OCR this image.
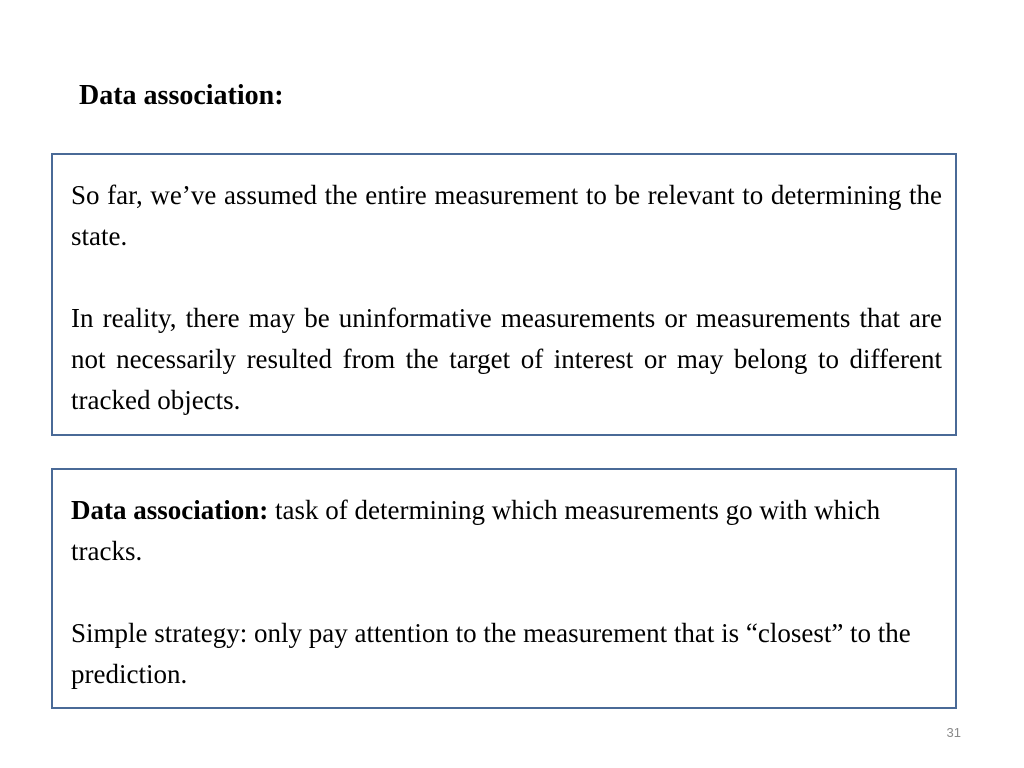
Data association:

So far, we’ve assumed the entire measurement to be relevant to determining the state.

In reality, there may be uninformative measurements or measurements that are not necessarily resulted from the target of interest or may belong to different tracked objects.

Data association: task of determining which measurements go with which tracks.

Simple strategy: only pay attention to the measurement that is “closest” to the prediction.

31
